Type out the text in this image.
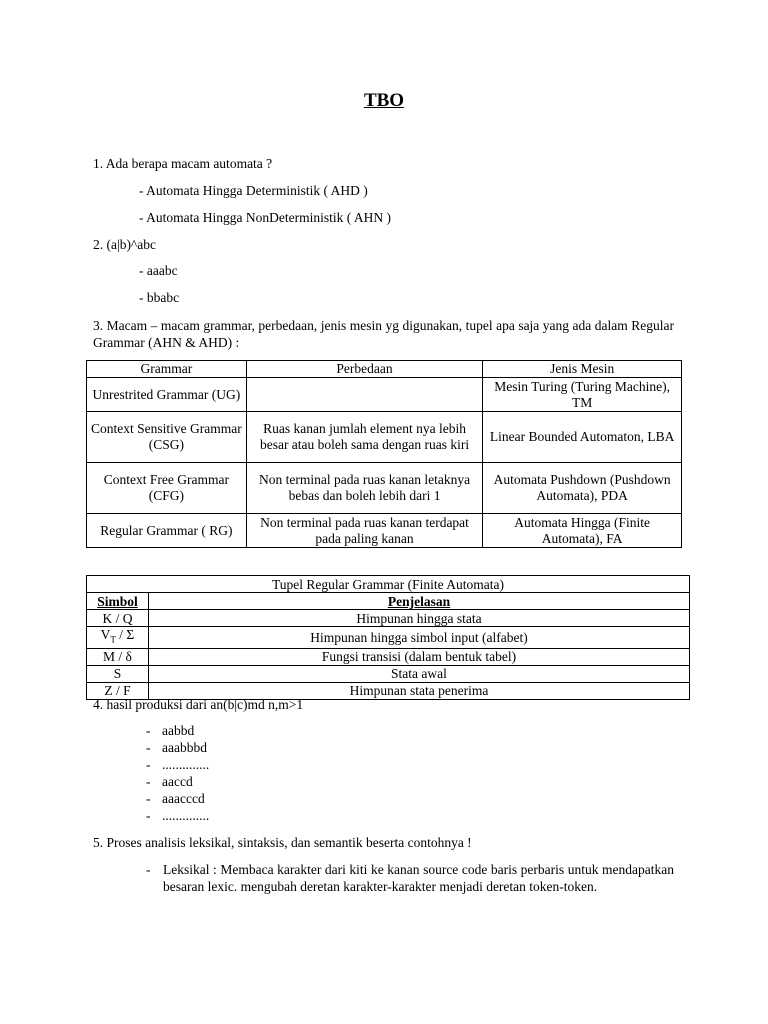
TBO
1. Ada berapa macam automata ?
- Automata Hingga Deterministik ( AHD )
- Automata Hingga NonDeterministik ( AHN )
2. (a|b)^abc
- aaabc
- bbabc
3. Macam – macam grammar, perbedaan, jenis mesin yg digunakan, tupel apa saja yang ada dalam Regular Grammar (AHN & AHD) :
Grammar	Perbedaan	Jenis Mesin
Unrestrited Grammar (UG)		Mesin Turing (Turing Machine), TM
Context Sensitive Grammar (CSG)	Ruas kanan jumlah element nya lebih besar atau boleh sama dengan ruas kiri	Linear Bounded Automaton, LBA
Context Free Grammar (CFG)	Non terminal pada ruas kanan letaknya bebas dan boleh lebih dari 1	Automata Pushdown (Pushdown Automata), PDA
Regular Grammar ( RG)	Non terminal pada ruas kanan terdapat pada paling kanan	Automata Hingga (Finite Automata), FA
Tupel Regular Grammar (Finite Automata)	
Simbol	Penjelasan
K / Q	Himpunan hingga stata
$V_T$ / Σ	Himpunan hingga simbol input (alfabet)
M / δ	Fungsi transisi (dalam bentuk tabel)
S	Stata awal
Z / F	Himpunan stata penerima
4. hasil produksi dari an(b|c)md n,m>1
- aabbd
- aaabbbd
- ..............
- aaccd
- aaacccd
- ..............
5. Proses analisis leksikal, sintaksis, dan semantik beserta contohnya !
- Leksikal : Membaca karakter dari kiti ke kanan source code baris perbaris untuk mendapatkan besaran lexic. mengubah deretan karakter-karakter menjadi deretan token-token.
